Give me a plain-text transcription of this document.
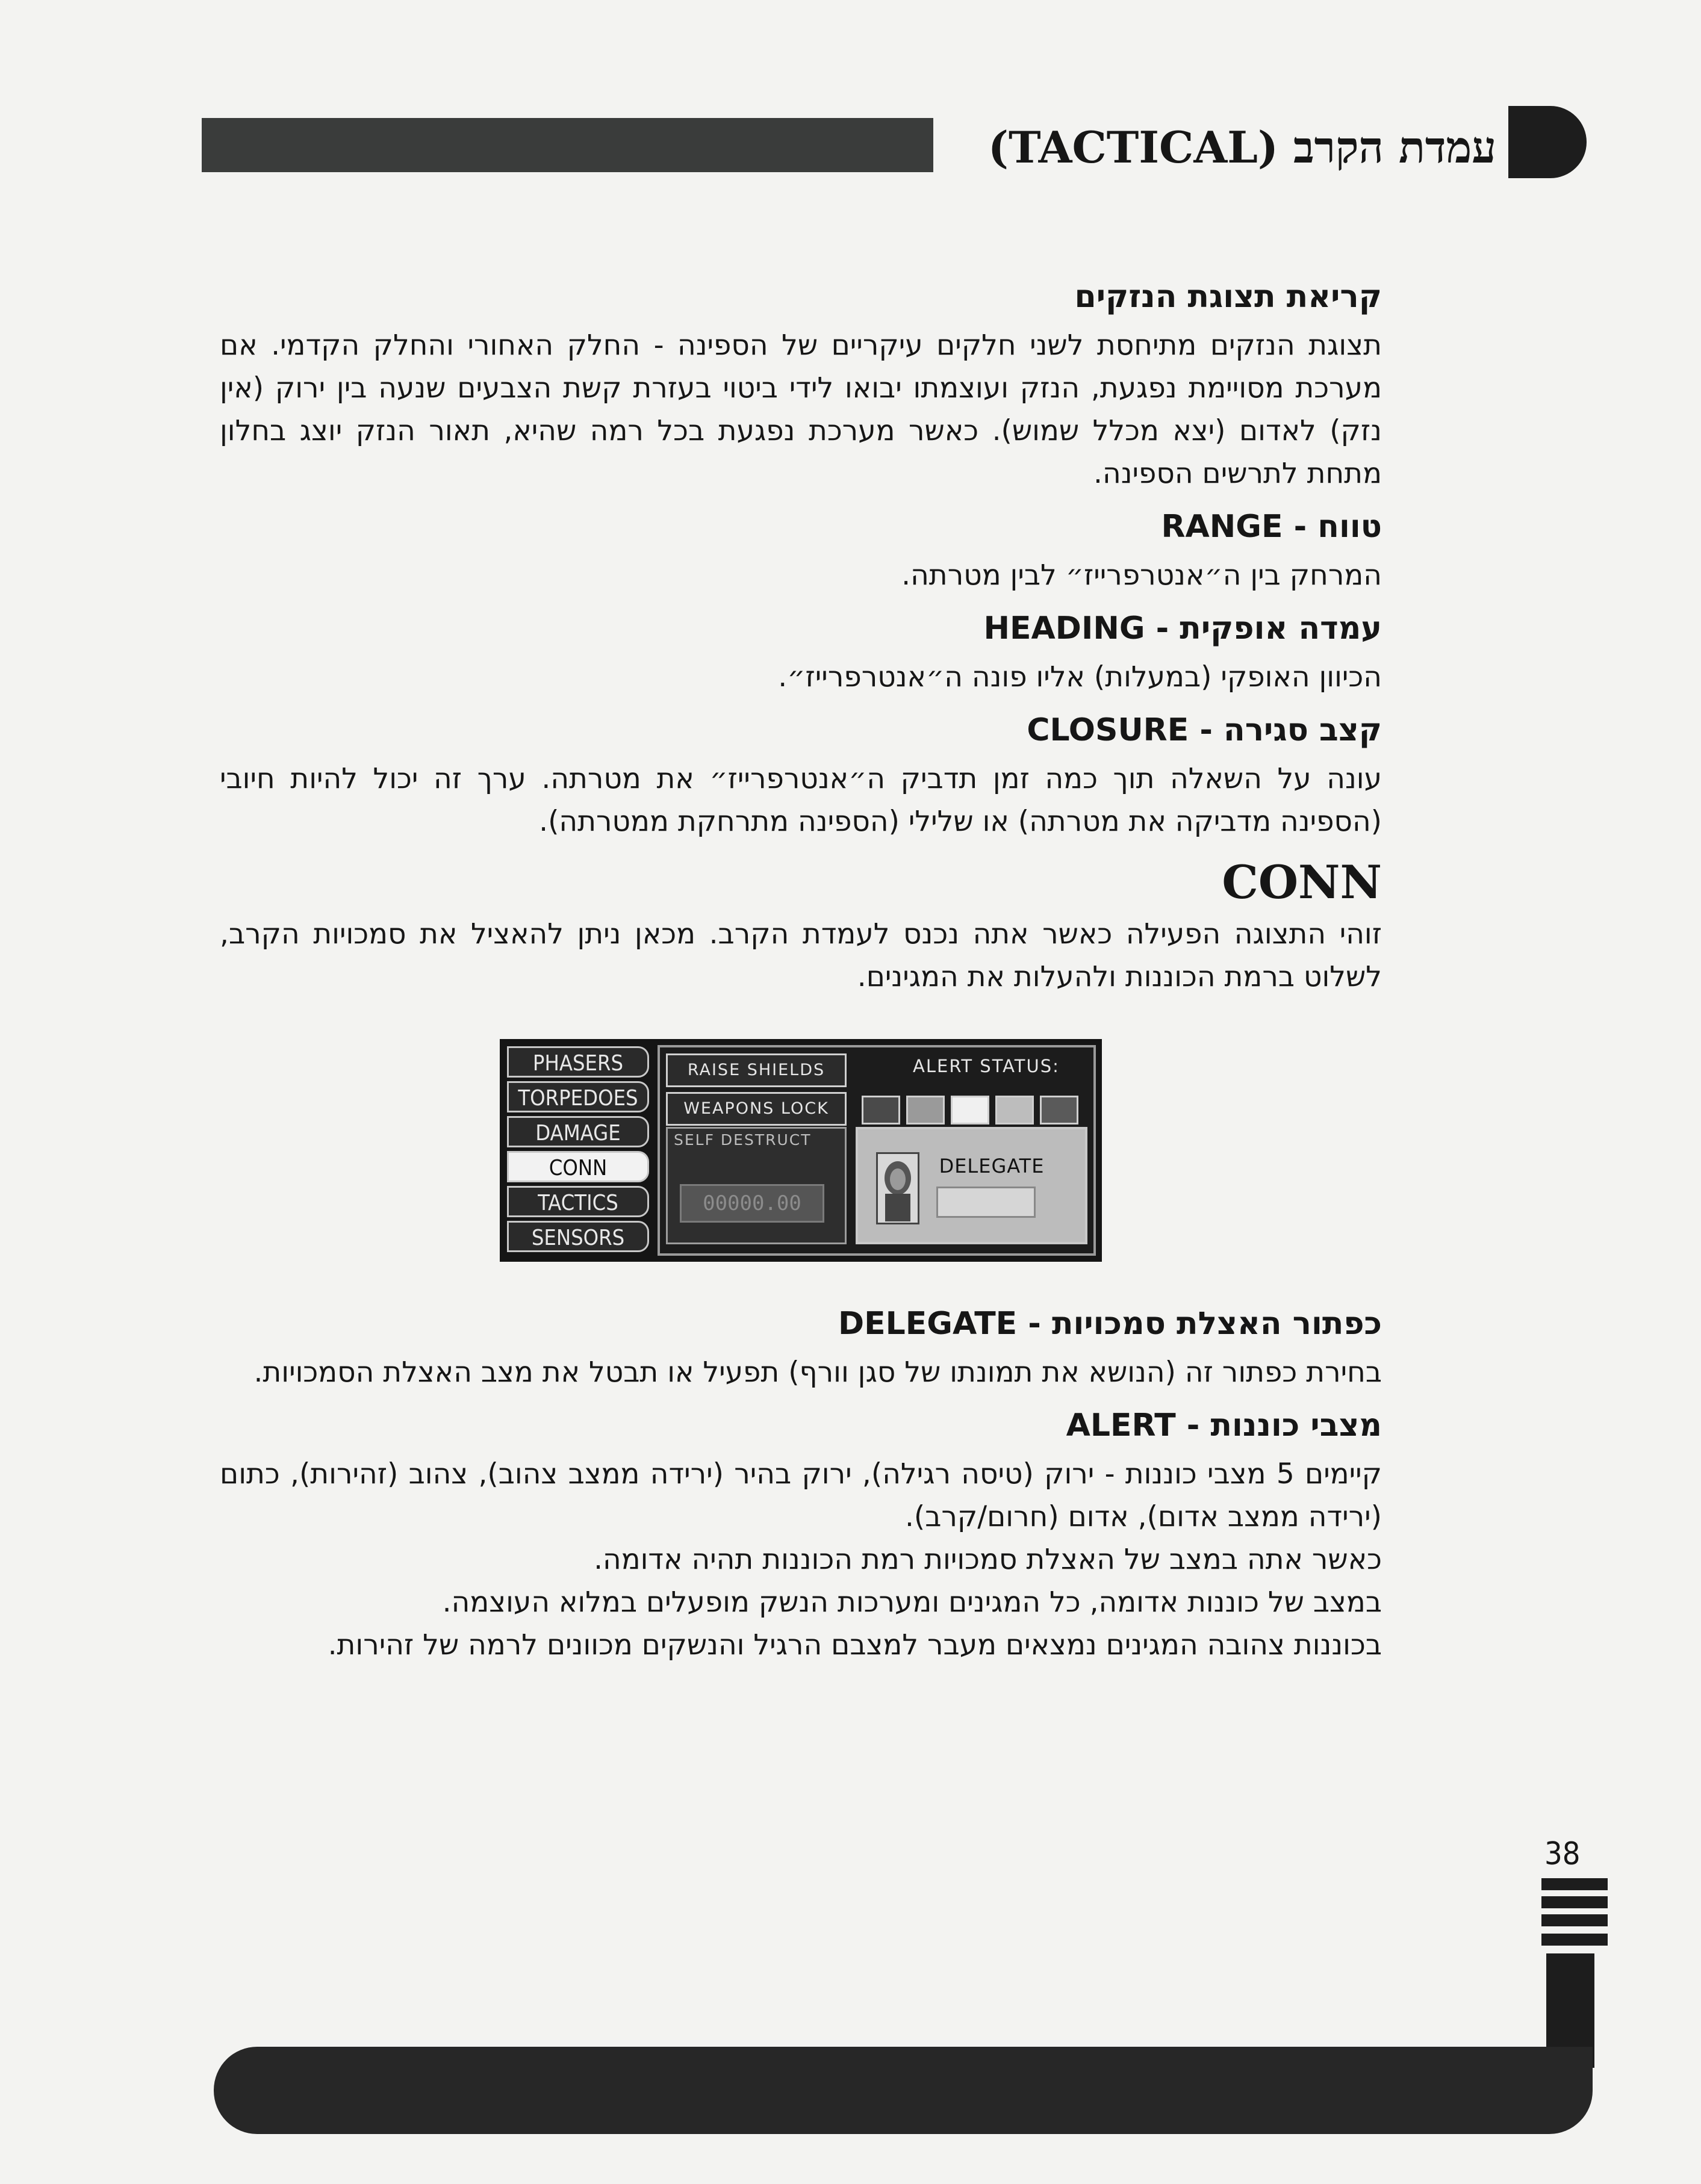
עמדת הקרב (TACTICAL)
קריאת תצוגת הנזקים

תצוגת הנזקים מתיחסת לשני חלקים עיקריים של הספינה - החלק האחורי והחלק הקדמי. אם מערכת מסויימת נפגעת, הנזק ועוצמתו יבואו לידי ביטוי בעזרת קשת הצבעים שנעה בין ירוק (אין נזק) לאדום (יצא מכלל שמוש). כאשר מערכת נפגעת בכל רמה שהיא, תאור הנזק יוצג בחלון מתחת לתרשים הספינה.

טווח - RANGE

המרחק בין ה״אנטרפרייז״ לבין מטרתה.

עמדה אופקית - HEADING

הכיוון האופקי (במעלות) אליו פונה ה״אנטרפרייז״.

קצב סגירה - CLOSURE

עונה על השאלה תוך כמה זמן תדביק ה״אנטרפרייז״ את מטרתה. ערך זה יכול להיות חיובי (הספינה מדביקה את מטרתה) או שלילי (הספינה מתרחקת ממטרתה).

CONN

זוהי התצוגה הפעילה כאשר אתה נכנס לעמדת הקרב. מכאן ניתן להאציל את סמכויות הקרב, לשלוט ברמת הכוננות ולהעלות את המגינים.

PHASERS
TORPEDOES
DAMAGE
CONN
TACTICS
SENSORS
RAISE SHIELDS
WEAPONS LOCK
ALERT STATUS:
SELF DESTRUCT
00000.00
DELEGATE
כפתור האצלת סמכויות - DELEGATE

בחירת כפתור זה (הנושא את תמונתו של סגן וורף) תפעיל או תבטל את מצב האצלת הסמכויות.

מצבי כוננות - ALERT

קיימים 5 מצבי כוננות - ירוק (טיסה רגילה), ירוק בהיר (ירידה ממצב צהוב), צהוב (זהירות), כתום (ירידה ממצב אדום), אדום (חרום/קרב).

כאשר אתה במצב של האצלת סמכויות רמת הכוננות תהיה אדומה.

במצב של כוננות אדומה, כל המגינים ומערכות הנשק מופעלים במלוא העוצמה.

בכוננות צהובה המגינים נמצאים מעבר למצבם הרגיל והנשקים מכוונים לרמה של זהירות.

38
